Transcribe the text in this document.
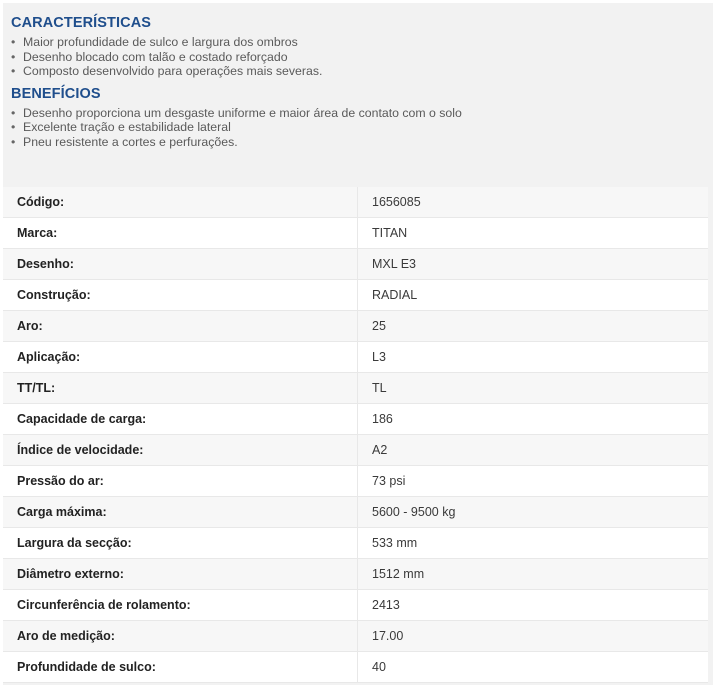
CARACTERÍSTICAS
• Maior profundidade de sulco e largura dos ombros
• Desenho blocado com talão e costado reforçado
• Composto desenvolvido para operações mais severas.
BENEFÍCIOS
• Desenho proporciona um desgaste uniforme e maior área de contato com o solo
• Excelente tração e estabilidade lateral
• Pneu resistente a cortes e perfurações.
Código:	1656085
Marca:	TITAN
Desenho:	MXL E3
Construção:	RADIAL
Aro:	25
Aplicação:	L3
TT/TL:	TL
Capacidade de carga:	186
Índice de velocidade:	A2
Pressão do ar:	73 psi
Carga máxima:	5600 - 9500 kg
Largura da secção:	533 mm
Diâmetro externo:	1512 mm
Circunferência de rolamento:	2413
Aro de medição:	17.00
Profundidade de sulco:	40
